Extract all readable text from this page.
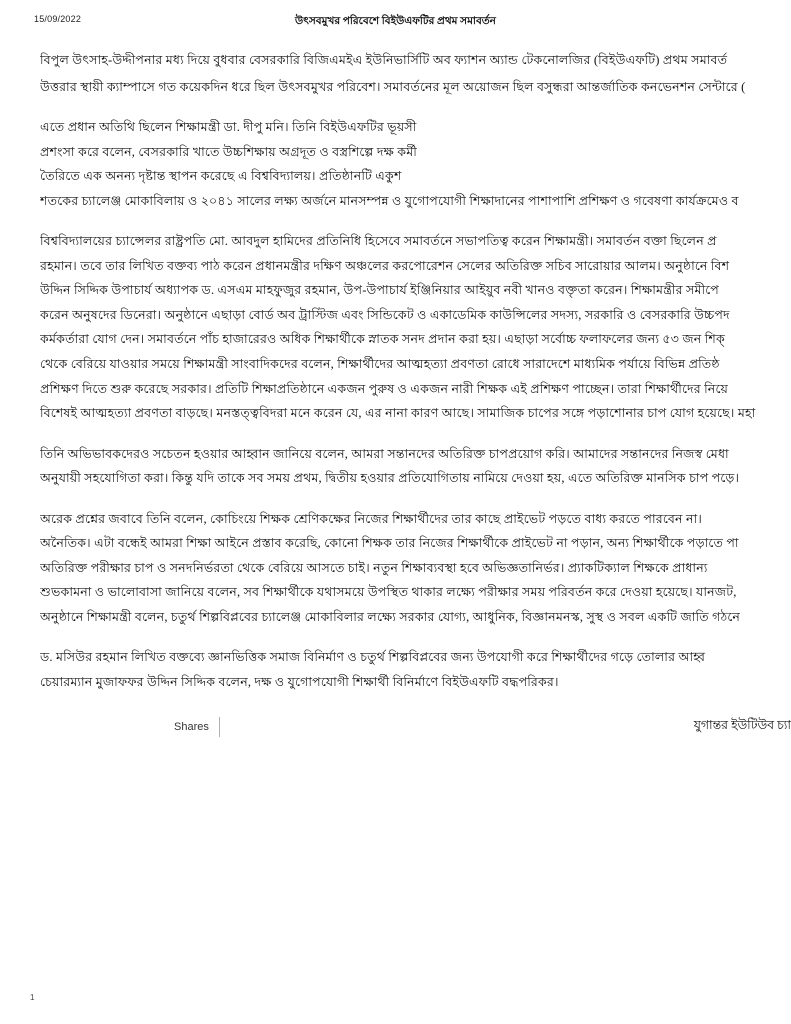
15/09/2022	উৎসবমুখর পরিবেশে বিইউএফটির প্রথম সমাবর্তন
বিপুল উৎসাহ-উদ্দীপনার মধ্য দিয়ে বুধবার বেসরকারি বিজিএমইএ ইউনিভার্সিটি অব ফ্যাশন অ্যান্ড টেকনোলজির (বিইউএফটি) প্রথম সমাবর্ত
উত্তরার স্থায়ী ক্যাম্পাসে গত কয়েকদিন ধরে ছিল উৎসবমুখর পরিবেশ। সমাবর্তনের মূল অয়োজন ছিল বসুন্ধরা আন্তর্জাতিক কনভেনশন সেন্টারে (
এতে প্রধান অতিথি ছিলেন শিক্ষামন্ত্রী ডা. দীপু মনি। তিনি বিইউএফটির ভূয়সী
প্রশংসা করে বলেন, বেসরকারি খাতে উচ্চশিক্ষায় অগ্রদূত ও বস্ত্রশিল্পে দক্ষ কর্মী
তৈরিতে এক অনন্য দৃষ্টান্ত স্থাপন করেছে এ বিশ্ববিদ্যালয়। প্রতিষ্ঠানটি একুশ
শতকের চ্যালেঞ্জ মোকাবিলায় ও ২০৪১ সালের লক্ষ্য অর্জনে মানসম্পন্ন ও যুগোপযোগী শিক্ষাদানের পাশাপাশি প্রশিক্ষণ ও গবেষণা কার্যক্রমেও ব
বিশ্ববিদ্যালয়ের চ্যান্সেলর রাষ্ট্রপতি মো. আবদুল হামিদের প্রতিনিধি হিসেবে সমাবর্তনে সভাপতিত্ব করেন শিক্ষামন্ত্রী। সমাবর্তন বক্তা ছিলেন প্র
রহমান। তবে তার লিখিত বক্তব্য পাঠ করেন প্রধানমন্ত্রীর দক্ষিণ অঞ্চলের করপোরেশন সেলের অতিরিক্ত সচিব সারোয়ার আলম। অনুষ্ঠানে বিশ
উদ্দিন সিদ্দিক উপাচার্য অধ্যাপক ড. এসএম মাহফুজুর রহমান, উপ-উপাচার্য ইঞ্জিনিয়ার আইয়ুব নবী খানও বক্তৃতা করেন। শিক্ষামন্ত্রীর সমীপে
করেন অনুষদের ডিনেরা। অনুষ্ঠানে এছাড়া বোর্ড অব ট্রাস্টিজ এবং সিন্ডিকেট ও একাডেমিক কাউন্সিলের সদস্য, সরকারি ও বেসরকারি উচ্চপদ
কর্মকর্তারা যোগ দেন। সমাবর্তনে পাঁচ হাজারেরও অধিক শিক্ষার্থীকে স্নাতক সনদ প্রদান করা হয়। এছাড়া সর্বোচ্চ ফলাফলের জন্য ৫৩ জন শিক্
থেকে বেরিয়ে যাওয়ার সময়ে শিক্ষামন্ত্রী সাংবাদিকদের বলেন, শিক্ষার্থীদের আত্মহত্যা প্রবণতা রোধে সারাদেশে মাধ্যমিক পর্যায়ে বিভিন্ন প্রতিষ্ঠ
প্রশিক্ষণ দিতে শুরু করেছে সরকার। প্রতিটি শিক্ষাপ্রতিষ্ঠানে একজন পুরুষ ও একজন নারী শিক্ষক এই প্রশিক্ষণ পাচ্ছেন। তারা শিক্ষার্থীদের নিয়ে
বিশেষই আত্মহত্যা প্রবণতা বাড়ছে। মনস্তত্ত্ববিদরা মনে করেন যে, এর নানা কারণ আছে। সামাজিক চাপের সঙ্গে পড়াশোনার চাপ যোগ হয়েছে। মহা
তিনি অভিভাবকদেরও সচেতন হওয়ার আহ্বান জানিয়ে বলেন, আমরা সন্তানদের অতিরিক্ত চাপপ্রয়োগ করি। আমাদের সন্তানদের নিজস্ব মেধা
অনুযায়ী সহযোগিতা করা। কিন্তু যদি তাকে সব সময় প্রথম, দ্বিতীয় হওয়ার প্রতিযোগিতায় নামিয়ে দেওয়া হয়, এতে অতিরিক্ত মানসিক চাপ পড়ে।
অরেক প্রশ্নের জবাবে তিনি বলেন, কোচিংয়ে শিক্ষক শ্রেণিকক্ষের নিজের শিক্ষার্থীদের তার কাছে প্রাইভেট পড়তে বাধ্য করতে পারবেন না।
অনৈতিক। এটা বন্ধেই আমরা শিক্ষা আইনে প্রস্তাব করেছি, কোনো শিক্ষক তার নিজের শিক্ষার্থীকে প্রাইভেট না পড়ান, অন্য শিক্ষার্থীকে পড়াতে পা
অতিরিক্ত পরীক্ষার চাপ ও সনদনির্ভরতা থেকে বেরিয়ে আসতে চাই। নতুন শিক্ষাব্যবস্থা হবে অভিজ্ঞতানির্ভর। প্র্যাকটিক্যাল শিক্ষকে প্রাধান্য
শুভকামনা ও ভালোবাসা জানিয়ে বলেন, সব শিক্ষার্থীকে যথাসময়ে উপস্থিত থাকার লক্ষ্যে পরীক্ষার সময় পরিবর্তন করে দেওয়া হয়েছে। যানজট,
অনুষ্ঠানে শিক্ষামন্ত্রী বলেন, চতুর্থ শিল্পবিপ্লবের চ্যালেঞ্জ মোকাবিলার লক্ষ্যে সরকার যোগ্য, আধুনিক, বিজ্ঞানমনস্ক, সুস্থ ও সবল একটি জাতি গঠনে
ড. মসিউর রহমান লিখিত বক্তব্যে জ্ঞানভিত্তিক সমাজ বিনির্মাণ ও চতুর্থ শিল্পবিপ্লবের জন্য উপযোগী করে শিক্ষার্থীদের গড়ে তোলার আহ্ব
চেয়ারম্যান মুজাফফর উদ্দিন সিদ্দিক বলেন, দক্ষ ও যুগোপযোগী শিক্ষার্থী বিনির্মাণে বিইউএফটি বদ্ধপরিকর।
Shares	যুগান্তর ইউটিউব চ্যা
1
